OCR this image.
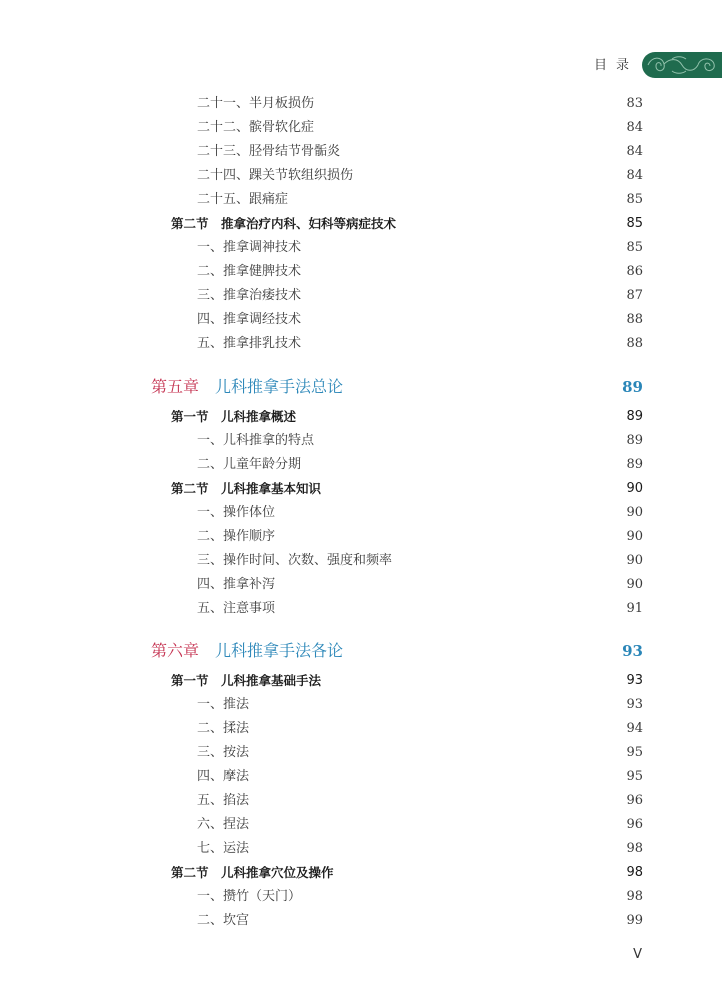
目录
二十一、半月板损伤	83
二十二、髌骨软化症	84
二十三、胫骨结节骨骺炎	84
二十四、踝关节软组织损伤	84
二十五、跟痛症	85
第二节　推拿治疗内科、妇科等病症技术	85
一、推拿调神技术	85
二、推拿健脾技术	86
三、推拿治痿技术	87
四、推拿调经技术	88
五、推拿排乳技术	88
第五章 儿科推拿手法总论	89
第一节　儿科推拿概述	89
一、儿科推拿的特点	89
二、儿童年龄分期	89
第二节　儿科推拿基本知识	90
一、操作体位	90
二、操作顺序	90
三、操作时间、次数、强度和频率	90
四、推拿补泻	90
五、注意事项	91
第六章 儿科推拿手法各论	93
第一节　儿科推拿基础手法	93
一、推法	93
二、揉法	94
三、按法	95
四、摩法	95
五、掐法	96
六、捏法	96
七、运法	98
第二节　儿科推拿穴位及操作	98
一、攒竹（天门）	98
二、坎宫	99
V
